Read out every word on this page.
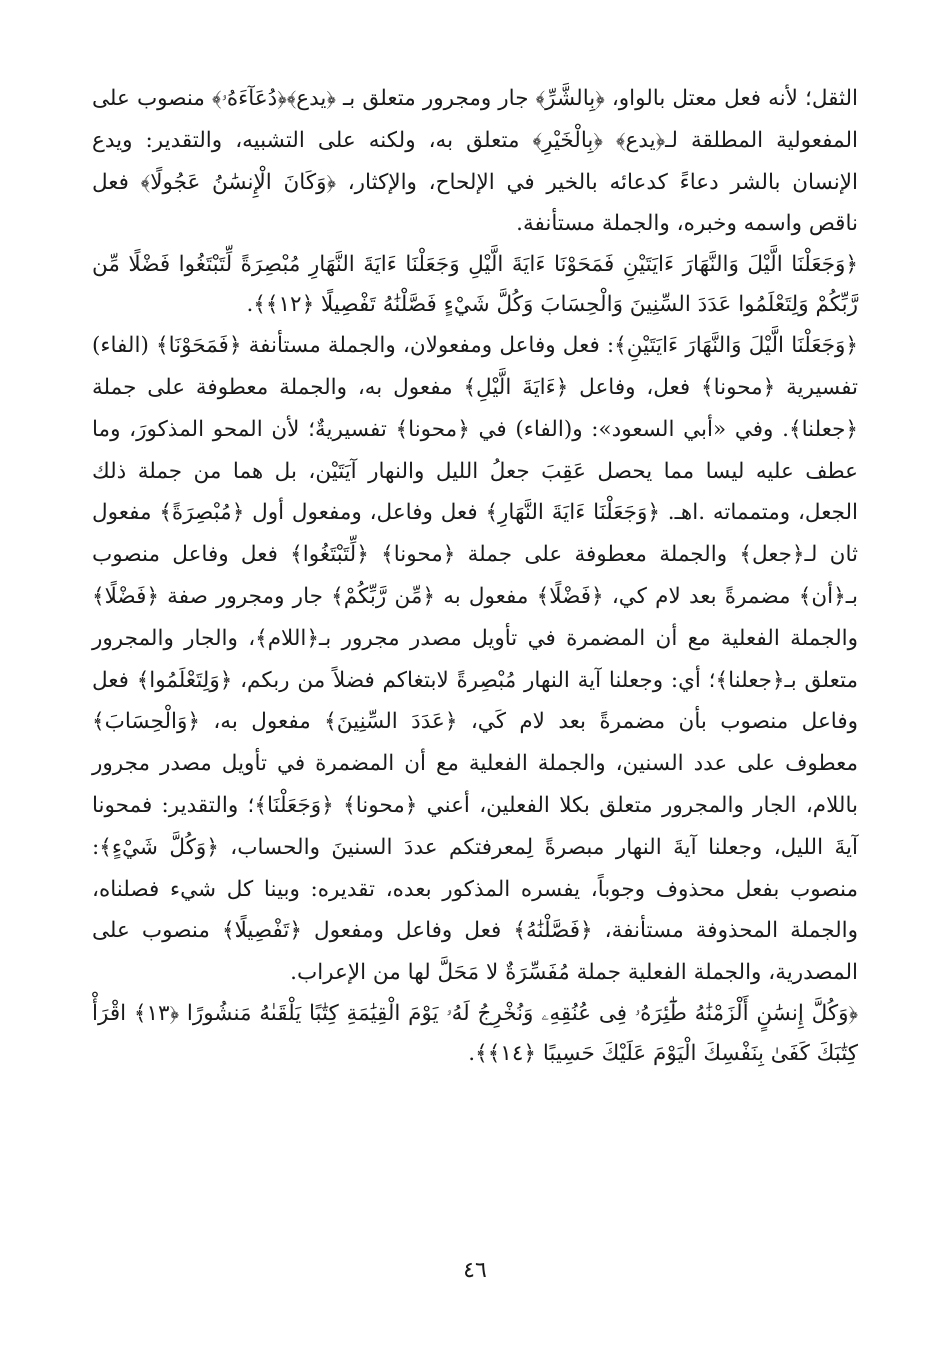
الثقل؛ لأنه فعل معتل بالواو، ﴿بِالشَّرِّ﴾ جار ومجرور متعلق بـ ﴿يدع﴾﴿دُعَآءَهُۥ﴾ منصوب على المفعولية المطلقة لـ﴿يدع﴾ ﴿بِالْخَيْرِ﴾ متعلق به، ولكنه على التشبيه، والتقدير: ويدع الإنسان بالشر دعاءً كدعائه بالخير في الإلحاح، والإكثار، ﴿وَكَانَ الْإِنسَٰنُ عَجُولًا﴾ فعل ناقص واسمه وخبره، والجملة مستأنفة.

﴿وَجَعَلْنَا الَّيْلَ وَالنَّهَارَ ءَايَتَيْنِ فَمَحَوْنَا ءَايَةَ الَّيْلِ وَجَعَلْنَا ءَايَةَ النَّهَارِ مُبْصِرَةً لِّتَبْتَغُوا فَضْلًا مِّن رَّبِّكُمْ وَلِتَعْلَمُوا عَدَدَ السِّنِينَ وَالْحِسَابَ وَكُلَّ شَيْءٍ فَصَّلْنَٰهُ تَفْصِيلًا ﴿١٢﴾﴾.

﴿وَجَعَلْنَا الَّيْلَ وَالنَّهَارَ ءَايَتَيْنِ﴾: فعل وفاعل ومفعولان، والجملة مستأنفة ﴿فَمَحَوْنَا﴾ (الفاء) تفسيرية ﴿محونا﴾ فعل، وفاعل ﴿ءَايَةَ الَّيْلِ﴾ مفعول به، والجملة معطوفة على جملة ﴿جعلنا﴾. وفي «أبي السعود»: و(الفاء) في ﴿محونا﴾ تفسيريةٌ؛ لأن المحو المذكورَ، وما عطف عليه ليسا مما يحصل عَقِبَ جعلُ الليل والنهار آيَتَيْن، بل هما من جملة ذلك الجعل، ومتمماته .اهـ. ﴿وَجَعَلْنَا ءَايَةَ النَّهَارِ﴾ فعل وفاعل، ومفعول أول ﴿مُبْصِرَةً﴾ مفعول ثان لـ﴿جعل﴾ والجملة معطوفة على جملة ﴿محونا﴾ ﴿لِّتَبْتَغُوا﴾ فعل وفاعل منصوب بـ﴿أن﴾ مضمرةً بعد لام كي، ﴿فَضْلًا﴾ مفعول به ﴿مِّن رَّبِّكُمْ﴾ جار ومجرور صفة ﴿فَضْلًا﴾ والجملة الفعلية مع أن المضمرة في تأويل مصدر مجرور بـ﴿اللام﴾، والجار والمجرور متعلق بـ﴿جعلنا﴾؛ أي: وجعلنا آية النهار مُبْصِرةً لابتغاكم فضلاً من ربكم، ﴿وَلِتَعْلَمُوا﴾ فعل وفاعل منصوب بأن مضمرةً بعد لام كَي، ﴿عَدَدَ السِّنِينَ﴾ مفعول به، ﴿وَالْحِسَابَ﴾ معطوف على عدد السنين، والجملة الفعلية مع أن المضمرة في تأويل مصدر مجرور باللام، الجار والمجرور متعلق بكلا الفعلين، أعني ﴿محونا﴾ ﴿وَجَعَلْنَا﴾؛ والتقدير: فمحونا آيةَ الليل، وجعلنا آيةَ النهار مبصرةً لِمعرفتكم عددَ السنينَ والحساب، ﴿وَكُلَّ شَيْءٍ﴾: منصوب بفعل محذوف وجوباً، يفسره المذكور بعده، تقديره: وبينا كل شيء فصلناه، والجملة المحذوفة مستأنفة، ﴿فَصَّلْنَٰهُ﴾ فعل وفاعل ومفعول ﴿تَفْصِيلًا﴾ منصوب على المصدرية، والجملة الفعلية جملة مُفَسِّرَةٌ لا مَحَلَّ لها من الإعراب.

﴿وَكُلَّ إِنسَٰنٍ أَلْزَمْنَٰهُ طَٰٓئِرَهُۥ فِى عُنُقِهِۦ وَنُخْرِجُ لَهُۥ يَوْمَ الْقِيَٰمَةِ كِتَٰبًا يَلْقَىٰهُ مَنشُورًا ﴿١٣﴾ اقْرَأْ كِتَٰبَكَ كَفَىٰ بِنَفْسِكَ الْيَوْمَ عَلَيْكَ حَسِيبًا ﴿١٤﴾﴾.

٤٦
